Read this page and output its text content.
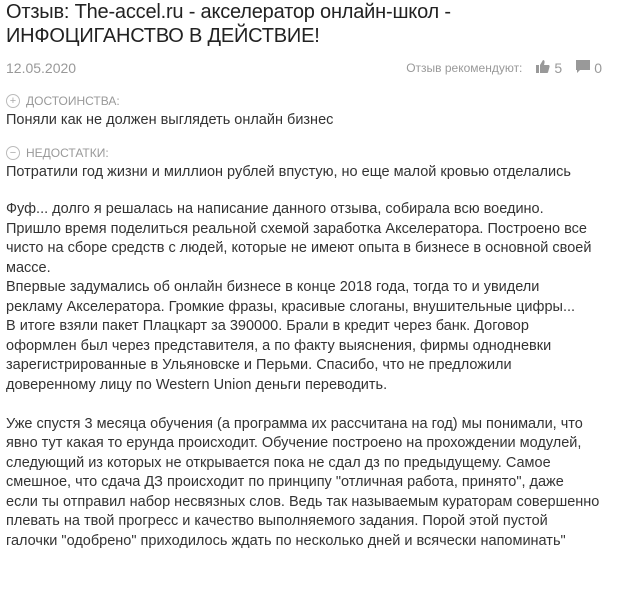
Отзыв: The-accel.ru - акселератор онлайн-школ - ИНФОЦИГАНСТВО В ДЕЙСТВИЕ!
12.05.2020	Отзыв рекомендуют: 5 0
+ ДОСТОИНСТВА:
Поняли как не должен выглядеть онлайн бизнес
− НЕДОСТАТКИ:
Потратили год жизни и миллион рублей впустую, но еще малой кровью отделались
Фуф... долго я решалась на написание данного отзыва, собирала всю воедино.
Пришло время поделиться реальной схемой заработка Акселератора. Построено все
чисто на сборе средств с людей, которые не имеют опыта в бизнесе в основной своей
массе.
Впервые задумались об онлайн бизнесе в конце 2018 года, тогда то и увидели
рекламу Акселератора. Громкие фразы, красивые слоганы, внушительные цифры...
В итоге взяли пакет Плацкарт за 390000. Брали в кредит через банк. Договор
оформлен был через представителя, а по факту выяснения, фирмы однодневки
зарегистрированные в Ульяновске и Перьми. Спасибо, что не предложили
доверенному лицу по Western Union деньги переводить.
Уже спустя 3 месяца обучения (а программа их рассчитана на год) мы понимали, что
явно тут какая то ерунда происходит. Обучение построено на прохождении модулей,
следующий из которых не открывается пока не сдал дз по предыдущему. Самое
смешное, что сдача ДЗ происходит по принципу "отличная работа, принято", даже
если ты отправил набор несвязных слов. Ведь так называемым кураторам совершенно
плевать на твой прогресс и качество выполняемого задания. Порой этой пустой
галочки "одобрено" приходилось ждать по несколько дней и всячески напоминать"
